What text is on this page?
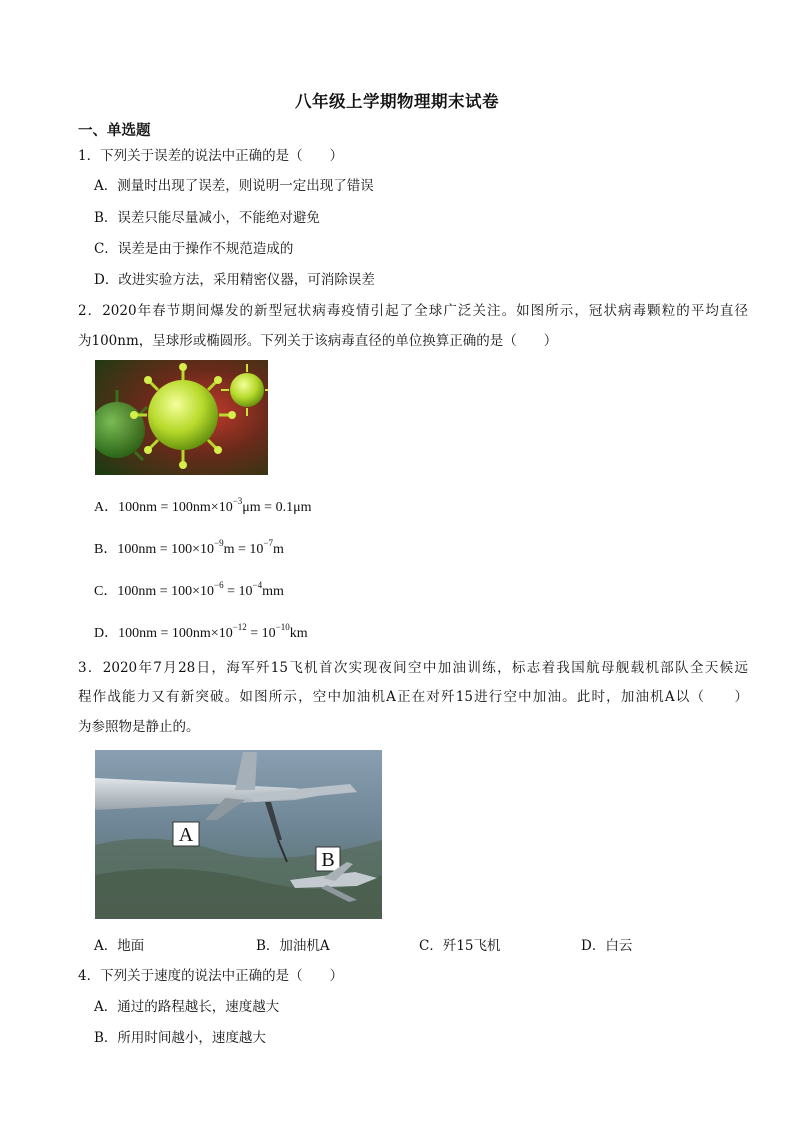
八年级上学期物理期末试卷
一、单选题
1．下列关于误差的说法中正确的是（　　）
A．测量时出现了误差，则说明一定出现了错误
B．误差只能尽量减小，不能绝对避免
C．误差是由于操作不规范造成的
D．改进实验方法，采用精密仪器，可消除误差
2．2020年春节期间爆发的新型冠状病毒疫情引起了全球广泛关注。如图所示，冠状病毒颗粒的平均直径
为100nm，呈球形或椭圆形。下列关于该病毒直径的单位换算正确的是（　　）
A．$100nm = 100nm\times 10^{-3}\mu m = 0.1\mu m$
B．$100nm = 100\times 10^{-9}m = 10^{-7}m$
C．$100nm = 100\times 10^{-6} = 10^{-4}mm$
D．$100nm = 100nm\times 10^{-12} = 10^{-10}km$
3．2020年7月28日，海军歼15飞机首次实现夜间空中加油训练，标志着我国航母舰载机部队全天候远
程作战能力又有新突破。如图所示，空中加油机A正在对歼15进行空中加油。此时，加油机A以（　　）
为参照物是静止的。
A
B
A．地面	B．加油机A	C．歼15飞机	D．白云
4．下列关于速度的说法中正确的是（　　）
A．通过的路程越长，速度越大
B．所用时间越小，速度越大
